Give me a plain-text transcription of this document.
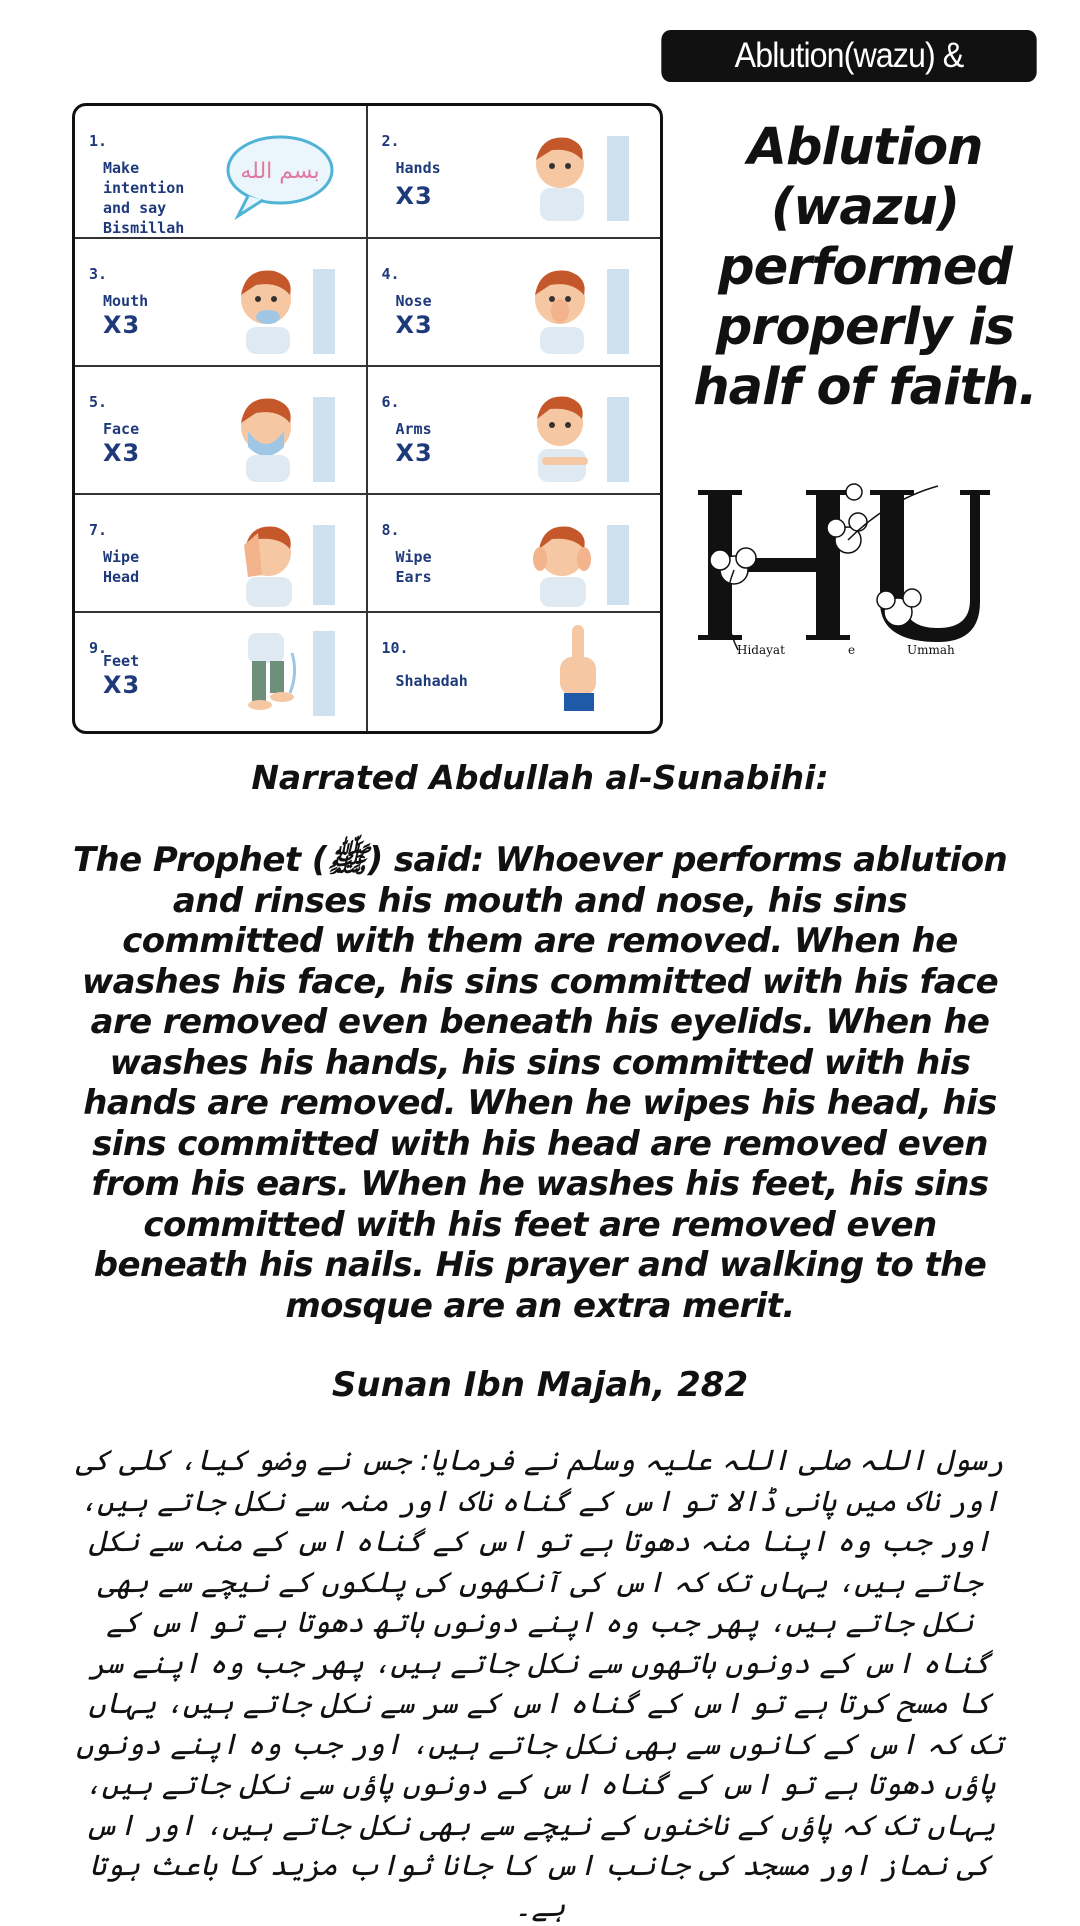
Ablution(wazu) & Tayammum
1.
Make
intention
and say
Bismillah
بسم الله
2.
Hands
X3
3.
Mouth
X3
4.
Nose
X3
5.
Face
X3
6.
Arms
X3
7.
Wipe
Head
8.
Wipe
Ears
9.
Feet
X3
10.
Shahadah
Ablution (wazu) performed properly is half of faith.
Hidayat	e	Ummah
Narrated Abdullah al-Sunabihi:
The Prophet (ﷺ) said: Whoever performs ablution and rinses his mouth and nose, his sins committed with them are removed. When he washes his face, his sins committed with his face are removed even beneath his eyelids. When he washes his hands, his sins committed with his hands are removed. When he wipes his head, his sins committed with his head are removed even from his ears. When he washes his feet, his sins committed with his feet are removed even beneath his nails. His prayer and walking to the mosque are an extra merit.
Sunan Ibn Majah, 282
رسول اللہ صلی اللہ علیہ وسلم نے فرمایا: جس نے وضو کیا، کلی کی اور ناک میں پانی ڈالا تو اس کے گناہ ناک اور منہ سے نکل جاتے ہیں، اور جب وہ اپنا منہ دھوتا ہے تو اس کے گناہ اس کے منہ سے نکل جاتے ہیں، یہاں تک کہ اس کی آنکھوں کی پلکوں کے نیچے سے بھی نکل جاتے ہیں، پھر جب وہ اپنے دونوں ہاتھ دھوتا ہے تو اس کے گناہ اس کے دونوں ہاتھوں سے نکل جاتے ہیں، پھر جب وہ اپنے سر کا مسح کرتا ہے تو اس کے گناہ اس کے سر سے نکل جاتے ہیں، یہاں تک کہ اس کے کانوں سے بھی نکل جاتے ہیں، اور جب وہ اپنے دونوں پاؤں دھوتا ہے تو اس کے گناہ اس کے دونوں پاؤں سے نکل جاتے ہیں، یہاں تک کہ پاؤں کے ناخنوں کے نیچے سے بھی نکل جاتے ہیں، اور اس کی نماز اور مسجد کی جانب اس کا جانا ثواب مزید کا باعث ہوتا ہے۔
